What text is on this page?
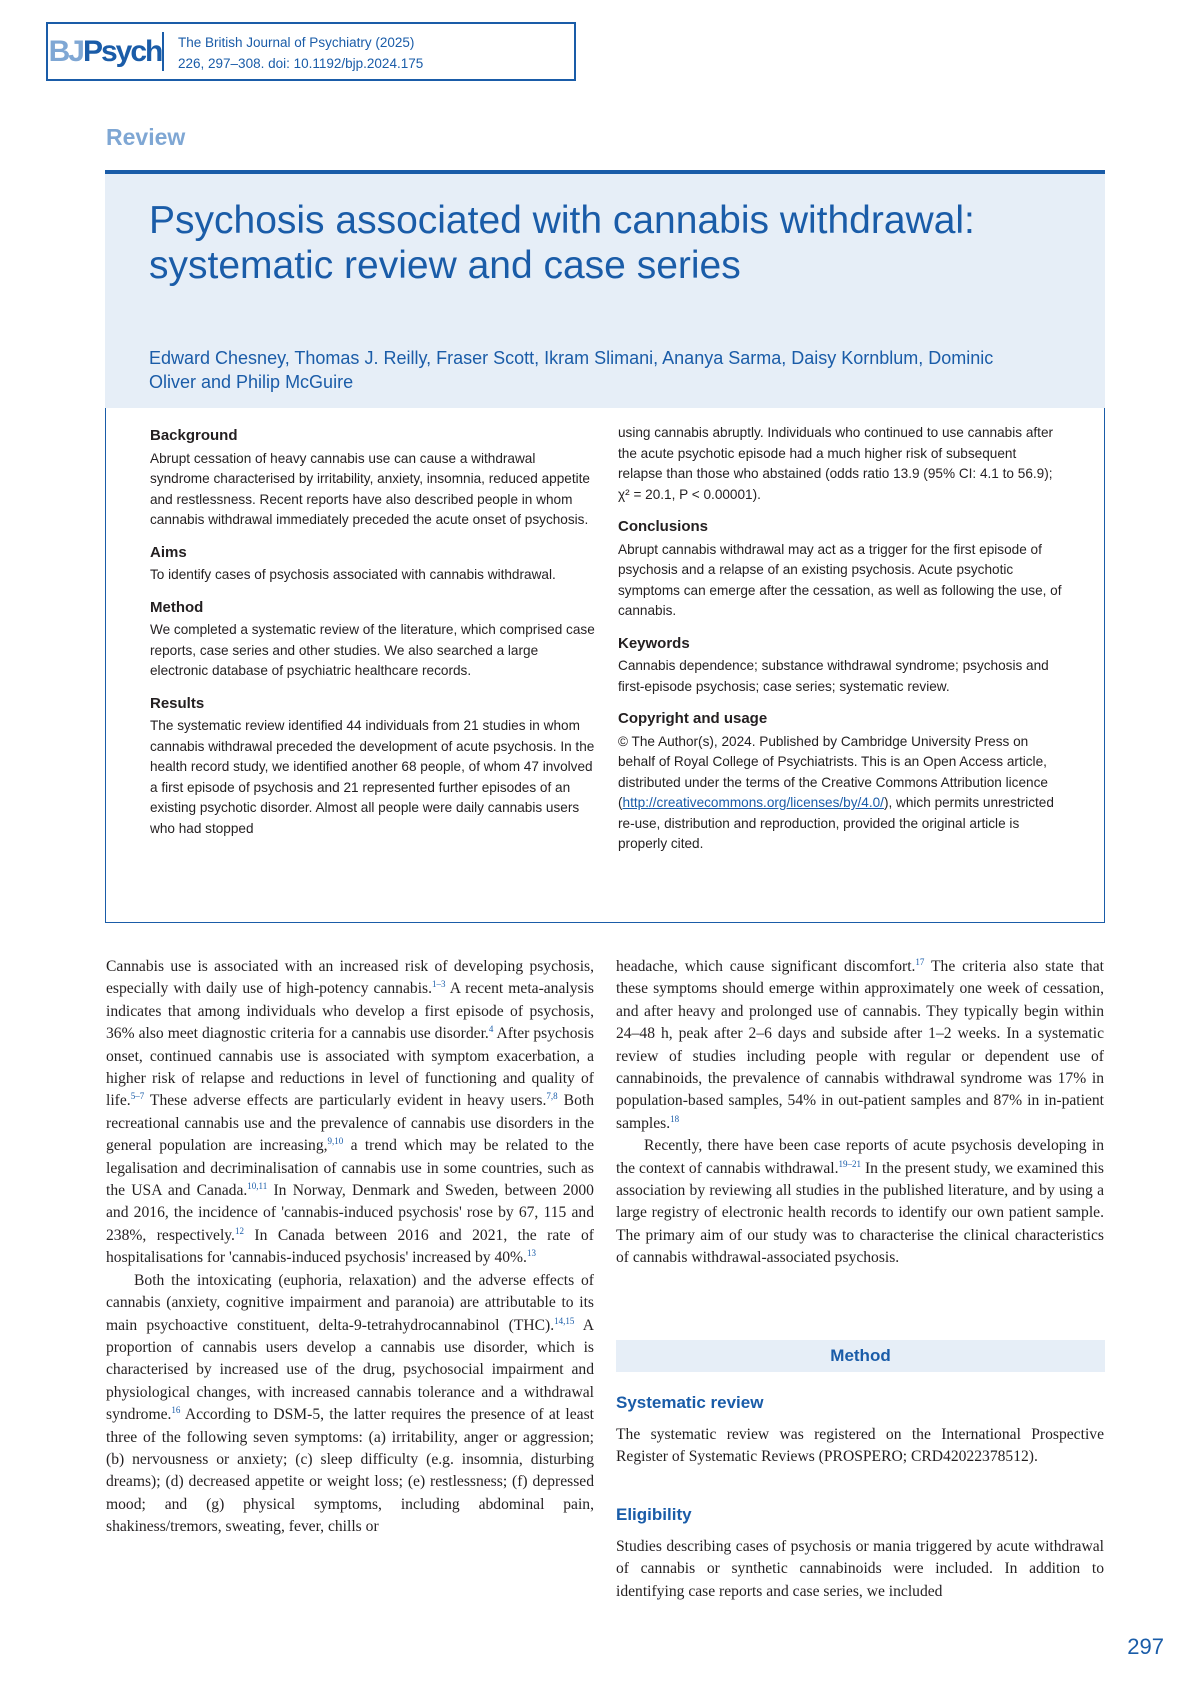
BJ Psych The British Journal of Psychiatry (2025)
226, 297–308. doi: 10.1192/bjp.2024.175
Review
Psychosis associated with cannabis withdrawal: systematic review and case series
Edward Chesney, Thomas J. Reilly, Fraser Scott, Ikram Slimani, Ananya Sarma, Daisy Kornblum, Dominic Oliver and Philip McGuire
Background

Abrupt cessation of heavy cannabis use can cause a withdrawal syndrome characterised by irritability, anxiety, insomnia, reduced appetite and restlessness. Recent reports have also described people in whom cannabis withdrawal immediately preceded the acute onset of psychosis.

Aims

To identify cases of psychosis associated with cannabis withdrawal.

Method

We completed a systematic review of the literature, which comprised case reports, case series and other studies. We also searched a large electronic database of psychiatric healthcare records.

Results

The systematic review identified 44 individuals from 21 studies in whom cannabis withdrawal preceded the development of acute psychosis. In the health record study, we identified another 68 people, of whom 47 involved a first episode of psychosis and 21 represented further episodes of an existing psychotic disorder. Almost all people were daily cannabis users who had stopped

using cannabis abruptly. Individuals who continued to use cannabis after the acute psychotic episode had a much higher risk of subsequent relapse than those who abstained (odds ratio 13.9 (95% CI: 4.1 to 56.9); χ² = 20.1, P < 0.00001).

Conclusions

Abrupt cannabis withdrawal may act as a trigger for the first episode of psychosis and a relapse of an existing psychosis. Acute psychotic symptoms can emerge after the cessation, as well as following the use, of cannabis.

Keywords

Cannabis dependence; substance withdrawal syndrome; psychosis and first-episode psychosis; case series; systematic review.

Copyright and usage

© The Author(s), 2024. Published by Cambridge University Press on behalf of Royal College of Psychiatrists. This is an Open Access article, distributed under the terms of the Creative Commons Attribution licence (http://creativecommons.org/licenses/by/4.0/), which permits unrestricted re-use, distribution and reproduction, provided the original article is properly cited.

Cannabis use is associated with an increased risk of developing psychosis, especially with daily use of high-potency cannabis.$^{1-3}$ A recent meta-analysis indicates that among individuals who develop a first episode of psychosis, 36% also meet diagnostic criteria for a cannabis use disorder.$^4$ After psychosis onset, continued cannabis use is associated with symptom exacerbation, a higher risk of relapse and reductions in level of functioning and quality of life.$^{5-7}$ These adverse effects are particularly evident in heavy users.$^{7,8}$ Both recreational cannabis use and the prevalence of cannabis use disorders in the general population are increasing,$^{9,10}$ a trend which may be related to the legalisation and decriminalisation of cannabis use in some countries, such as the USA and Canada.$^{10,11}$ In Norway, Denmark and Sweden, between 2000 and 2016, the incidence of 'cannabis-induced psychosis' rose by 67, 115 and 238%, respectively.$^{12}$ In Canada between 2016 and 2021, the rate of hospitalisations for 'cannabis-induced psychosis' increased by 40%.$^{13}$

Both the intoxicating (euphoria, relaxation) and the adverse effects of cannabis (anxiety, cognitive impairment and paranoia) are attributable to its main psychoactive constituent, delta-9-tetrahydrocannabinol (THC).$^{14,15}$ A proportion of cannabis users develop a cannabis use disorder, which is characterised by increased use of the drug, psychosocial impairment and physiological changes, with increased cannabis tolerance and a withdrawal syndrome.$^{16}$ According to DSM-5, the latter requires the presence of at least three of the following seven symptoms: (a) irritability, anger or aggression; (b) nervousness or anxiety; (c) sleep difficulty (e.g. insomnia, disturbing dreams); (d) decreased appetite or weight loss; (e) restlessness; (f) depressed mood; and (g) physical symptoms, including abdominal pain, shakiness/tremors, sweating, fever, chills or

headache, which cause significant discomfort.$^{17}$ The criteria also state that these symptoms should emerge within approximately one week of cessation, and after heavy and prolonged use of cannabis. They typically begin within 24–48 h, peak after 2–6 days and subside after 1–2 weeks. In a systematic review of studies including people with regular or dependent use of cannabinoids, the prevalence of cannabis withdrawal syndrome was 17% in population-based samples, 54% in out-patient samples and 87% in in-patient samples.$^{18}$

Recently, there have been case reports of acute psychosis developing in the context of cannabis withdrawal.$^{19-21}$ In the present study, we examined this association by reviewing all studies in the published literature, and by using a large registry of electronic health records to identify our own patient sample. The primary aim of our study was to characterise the clinical characteristics of cannabis withdrawal-associated psychosis.

Method
Systematic review
The systematic review was registered on the International Prospective Register of Systematic Reviews (PROSPERO; CRD42022378512).
Eligibility
Studies describing cases of psychosis or mania triggered by acute withdrawal of cannabis or synthetic cannabinoids were included. In addition to identifying case reports and case series, we included
297
